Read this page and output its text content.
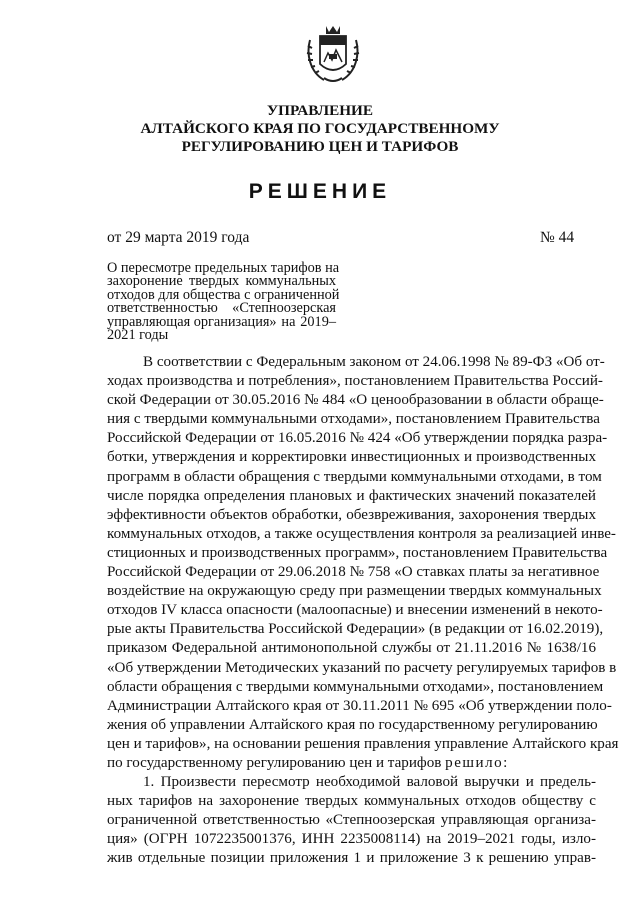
УПРАВЛЕНИЕ
АЛТАЙСКОГО КРАЯ ПО ГОСУДАРСТВЕННОМУ
РЕГУЛИРОВАНИЮ ЦЕН И ТАРИФОВ
РЕШЕНИЕ
от 29 марта 2019 года	№ 44
О пересмотре предельных тарифов на
захоронение твердых коммунальных
отходов для общества с ограниченной
ответственностью «Степноозерская
управляющая организация» на 2019–
2021 годы
В соответствии с Федеральным законом от 24.06.1998 № 89-ФЗ «Об от-
ходах производства и потребления», постановлением Правительства Россий-
ской Федерации от 30.05.2016 № 484 «О ценообразовании в области обраще-
ния с твердыми коммунальными отходами», постановлением Правительства
Российской Федерации от 16.05.2016 № 424 «Об утверждении порядка разра-
ботки, утверждения и корректировки инвестиционных и производственных
программ в области обращения с твердыми коммунальными отходами, в том
числе порядка определения плановых и фактических значений показателей
эффективности объектов обработки, обезвреживания, захоронения твердых
коммунальных отходов, а также осуществления контроля за реализацией инве-
стиционных и производственных программ», постановлением Правительства
Российской Федерации от 29.06.2018 № 758 «О ставках платы за негативное
воздействие на окружающую среду при размещении твердых коммунальных
отходов IV класса опасности (малоопасные) и внесении изменений в некото-
рые акты Правительства Российской Федерации» (в редакции от 16.02.2019),
приказом Федеральной антимонопольной службы от 21.11.2016 № 1638/16
«Об утверждении Методических указаний по расчету регулируемых тарифов в
области обращения с твердыми коммунальными отходами», постановлением
Администрации Алтайского края от 30.11.2011 № 695 «Об утверждении поло-
жения об управлении Алтайского края по государственному регулированию
цен и тарифов», на основании решения правления управление Алтайского края
по государственному регулированию цен и тарифов решило:
1. Произвести пересмотр необходимой валовой выручки и предель-
ных тарифов на захоронение твердых коммунальных отходов обществу с
ограниченной ответственностью «Степноозерская управляющая организа-
ция» (ОГРН 1072235001376, ИНН 2235008114) на 2019–2021 годы, излo-
жив отдельные позиции приложения 1 и приложение 3 к решению управ-
